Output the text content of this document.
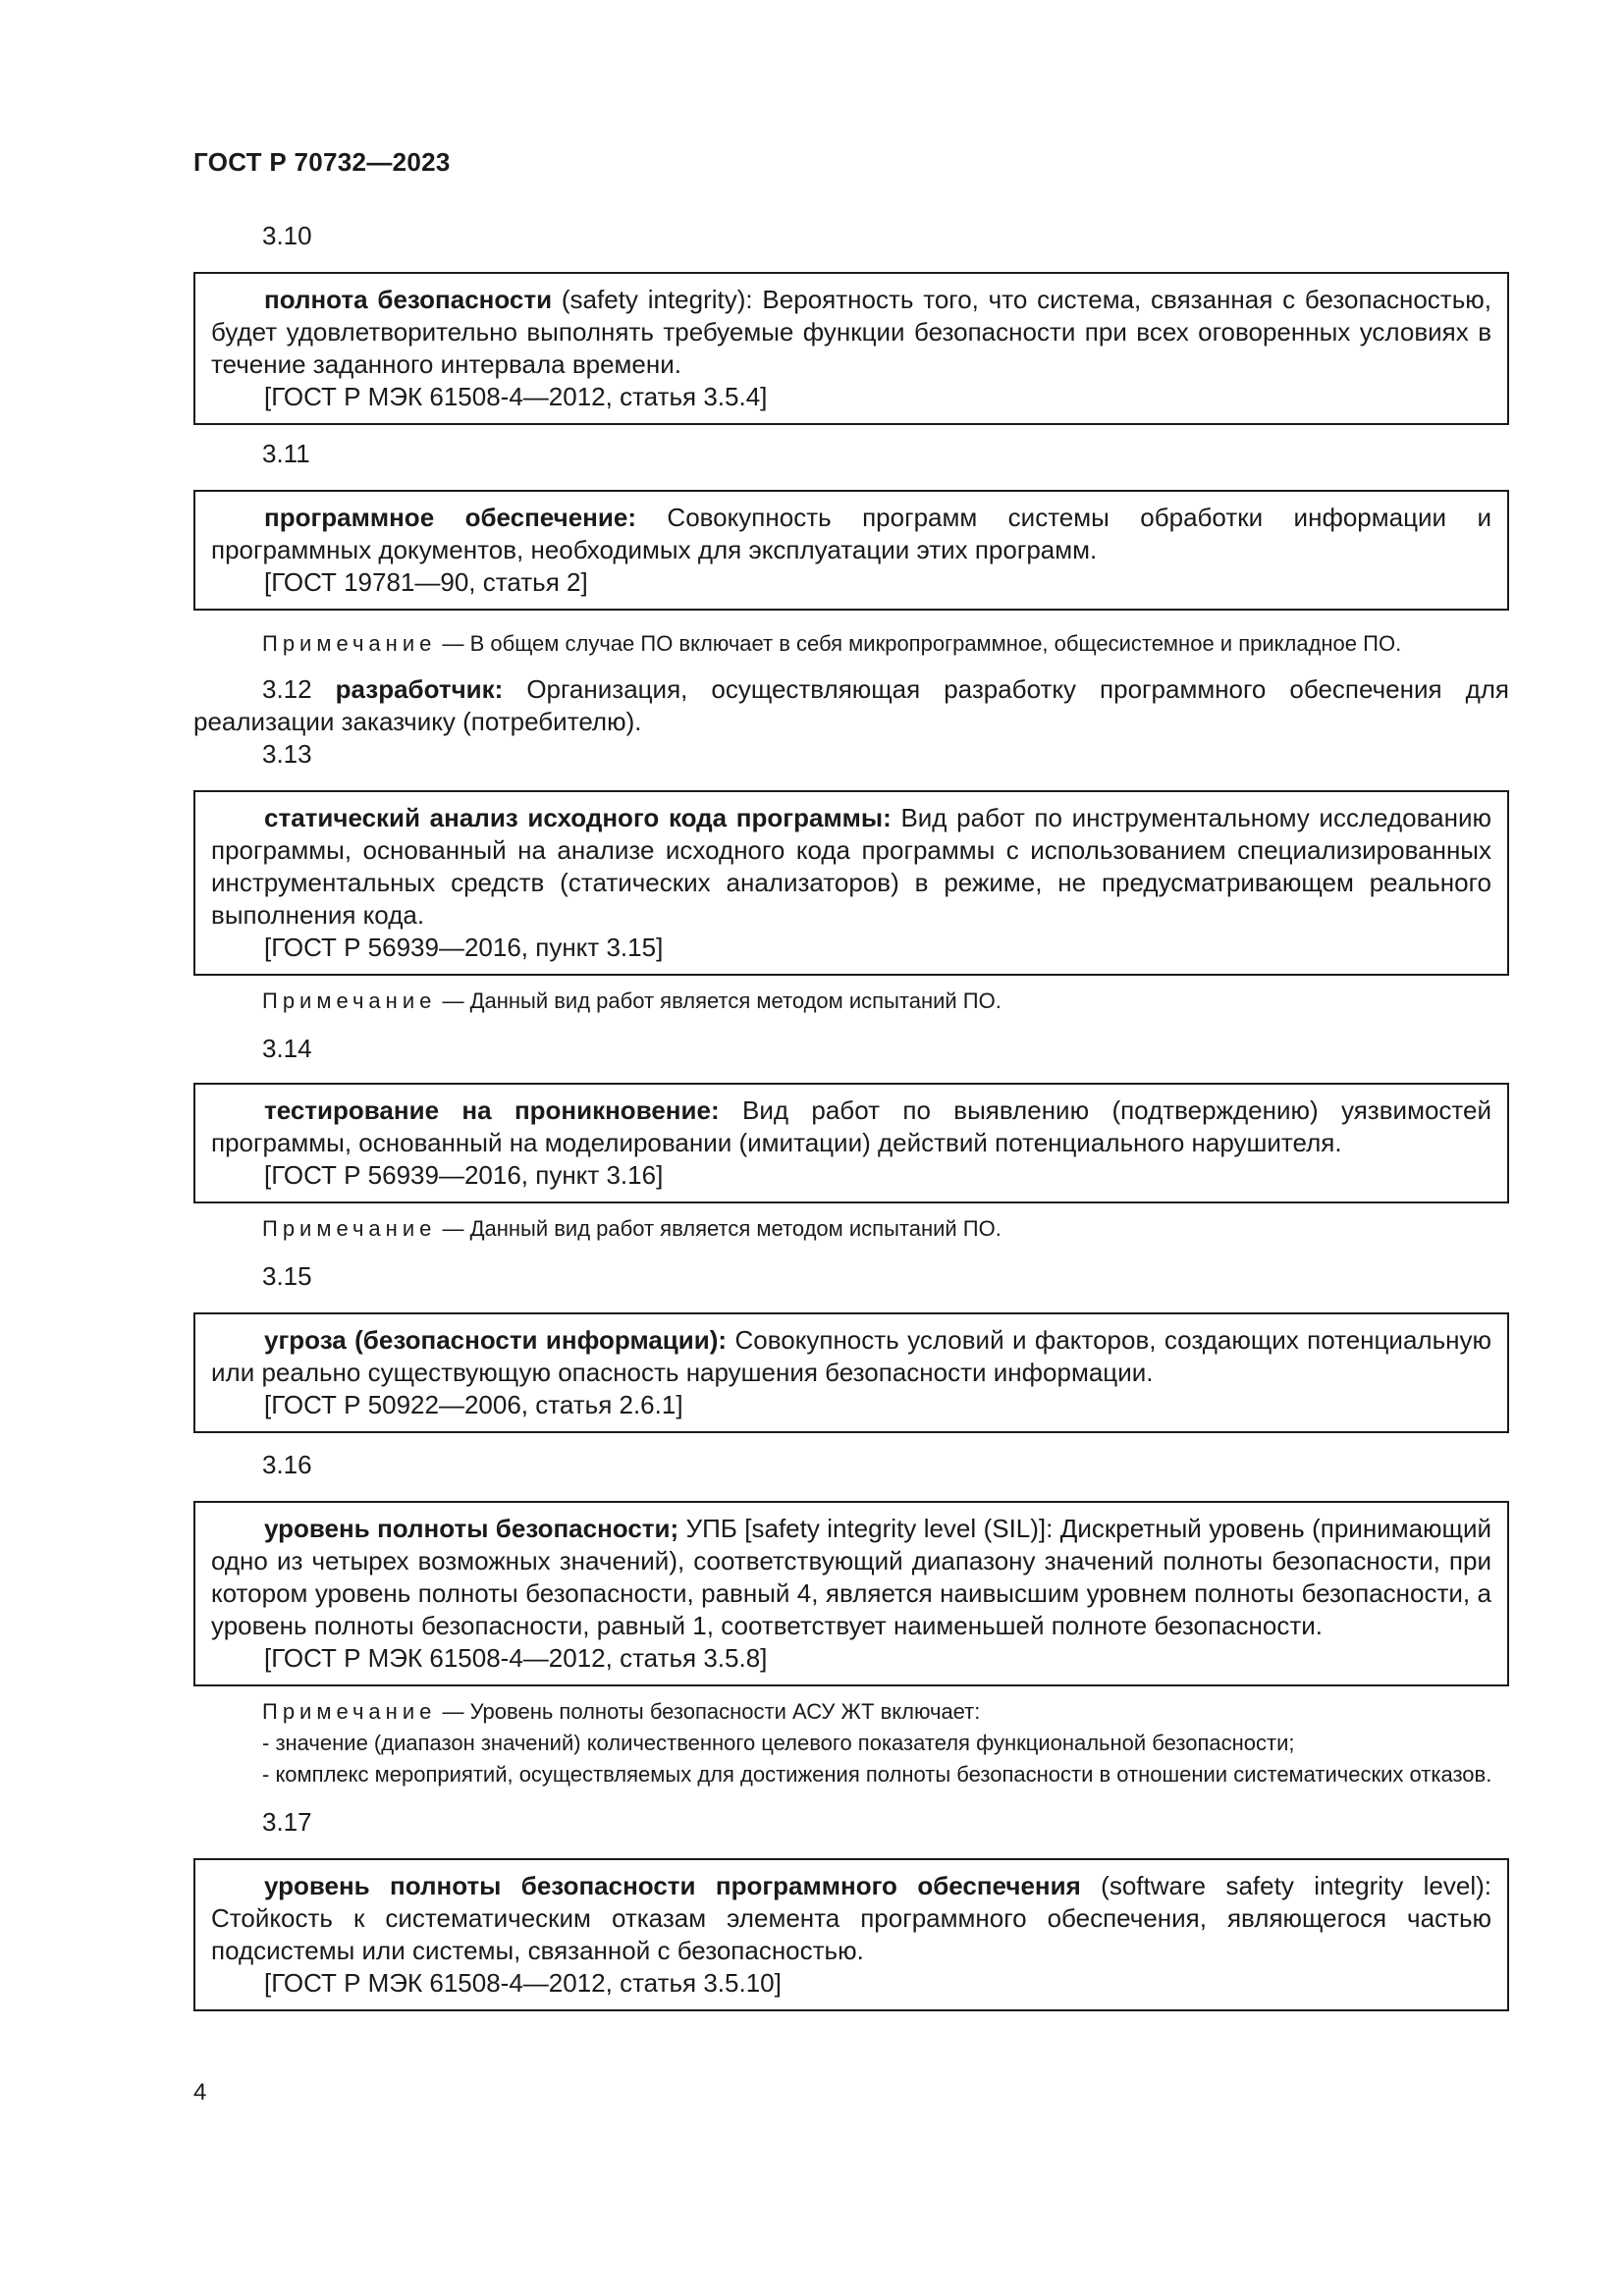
ГОСТ Р 70732—2023
3.10

полнота безопасности (safety integrity): Вероятность того, что система, связанная с безопасностью, будет удовлетворительно выполнять требуемые функции безопасности при всех оговоренных условиях в течение заданного интервала времени.

[ГОСТ Р МЭК 61508-4—2012, статья 3.5.4]

3.11

программное обеспечение: Совокупность программ системы обработки информации и программных документов, необходимых для эксплуатации этих программ.

[ГОСТ 19781—90, статья 2]

Примечание — В общем случае ПО включает в себя микропрограммное, общесистемное и прикладное ПО.

3.12 разработчик: Организация, осуществляющая разработку программного обеспечения для реализации заказчику (потребителю).
3.13

статический анализ исходного кода программы: Вид работ по инструментальному исследованию программы, основанный на анализе исходного кода программы с использованием специализированных инструментальных средств (статических анализаторов) в режиме, не предусматривающем реального выполнения кода.

[ГОСТ Р 56939—2016, пункт 3.15]

Примечание — Данный вид работ является методом испытаний ПО.

3.14

тестирование на проникновение: Вид работ по выявлению (подтверждению) уязвимостей программы, основанный на моделировании (имитации) действий потенциального нарушителя.

[ГОСТ Р 56939—2016, пункт 3.16]

Примечание — Данный вид работ является методом испытаний ПО.

3.15

угроза (безопасности информации): Совокупность условий и факторов, создающих потенциальную или реально существующую опасность нарушения безопасности информации.

[ГОСТ Р 50922—2006, статья 2.6.1]

3.16

уровень полноты безопасности; УПБ [safety integrity level (SIL)]: Дискретный уровень (принимающий одно из четырех возможных значений), соответствующий диапазону значений полноты безопасности, при котором уровень полноты безопасности, равный 4, является наивысшим уровнем полноты безопасности, а уровень полноты безопасности, равный 1, соответствует наименьшей полноте безопасности.

[ГОСТ Р МЭК 61508-4—2012, статья 3.5.8]

Примечание — Уровень полноты безопасности АСУ ЖТ включает:

- значение (диапазон значений) количественного целевого показателя функциональной безопасности;

- комплекс мероприятий, осуществляемых для достижения полноты безопасности в отношении систематических отказов.

3.17

уровень полноты безопасности программного обеспечения (software safety integrity level): Стойкость к систематическим отказам элемента программного обеспечения, являющегося частью подсистемы или системы, связанной с безопасностью.

[ГОСТ Р МЭК 61508-4—2012, статья 3.5.10]

4
